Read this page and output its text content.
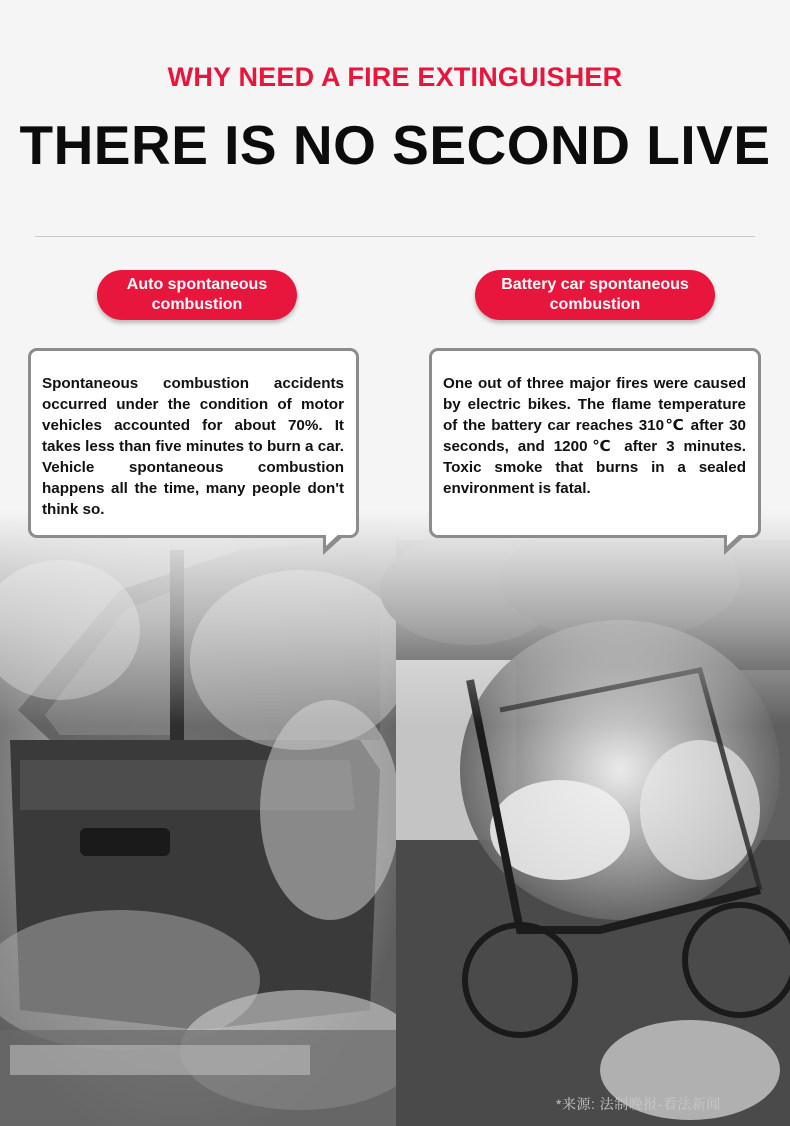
WHY NEED A FIRE EXTINGUISHER
THERE IS NO SECOND LIVE
Auto spontaneous combustion
Battery car spontaneous combustion

Spontaneous combustion accidents occurred under the condition of motor vehicles accounted for about 70%. It takes less than five minutes to burn a car. Vehicle spontaneous combustion happens all the time, many people don't think so.

One out of three major fires were caused by electric bikes. The flame temperature of the battery car reaches 310℃ after 30 seconds, and 1200℃ after 3 minutes. Toxic smoke that burns in a sealed environment is fatal.

*来源: 法制晚报-看法新闻
